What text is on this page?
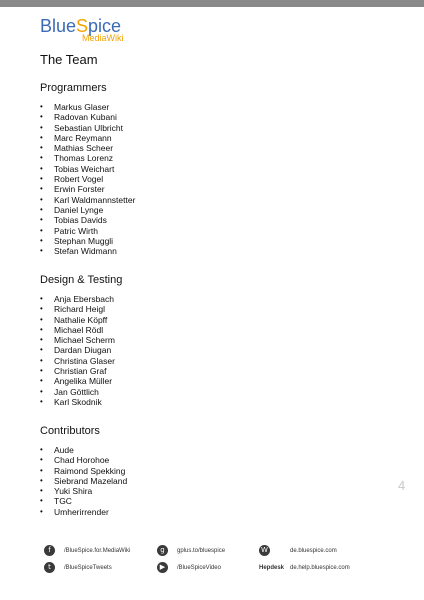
BlueSpice
MediaWiki
The Team
Programmers
• Markus Glaser
• Radovan Kubani
• Sebastian Ulbricht
• Marc Reymann
• Mathias Scheer
• Thomas Lorenz
• Tobias Weichart
• Robert Vogel
• Erwin Forster
• Karl Waldmannstetter
• Daniel Lynge
• Tobias Davids
• Patric Wirth
• Stephan Muggli
• Stefan Widmann
Design & Testing
• Anja Ebersbach
• Richard Heigl
• Nathalie Köpff
• Michael Rödl
• Michael Scherm
• Dardan Diugan
• Christina Glaser
• Christian Graf
• Angelika Müller
• Jan Göttlich
• Karl Skodnik
Contributors
• Aude
• Chad Horohoe
• Raimond Spekking
• Siebrand Mazeland
• Yuki Shira
• TGC
• Umherirrender
4
f	/BlueSpice.for.MediaWiki	g	gplus.to/bluespice	W	de.bluespice.com
t	/BlueSpiceTweets	▶	/BlueSpiceVideo	Hepdesk de.help.bluespice.com
